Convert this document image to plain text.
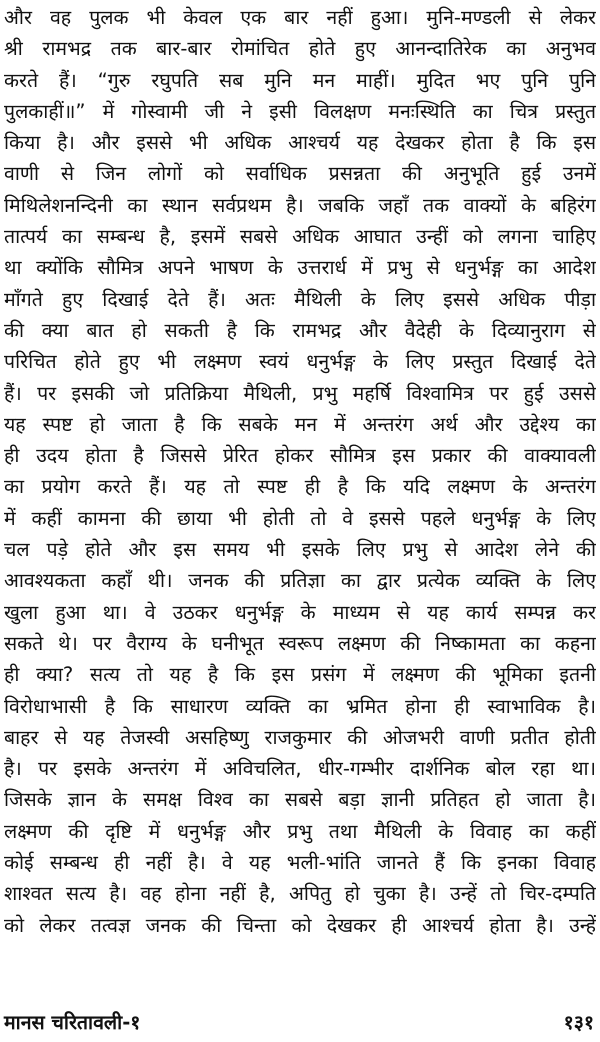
और वह पुलक भी केवल एक बार नहीं हुआ। मुनि-मण्डली से लेकर
श्री रामभद्र तक बार-बार रोमांचित होते हुए आनन्दातिरेक का अनुभव
करते हैं। “गुरु रघुपति सब मुनि मन माहीं। मुदित भए पुनि पुनि
पुलकाहीं॥” में गोस्वामी जी ने इसी विलक्षण मनःस्थिति का चित्र प्रस्तुत
किया है। और इससे भी अधिक आश्चर्य यह देखकर होता है कि इस
वाणी से जिन लोगों को सर्वाधिक प्रसन्नता की अनुभूति हुई उनमें
मिथिलेशनन्दिनी का स्थान सर्वप्रथम है। जबकि जहाँ तक वाक्यों के बहिरंग
तात्पर्य का सम्बन्ध है, इसमें सबसे अधिक आघात उन्हीं को लगना चाहिए
था क्योंकि सौमित्र अपने भाषण के उत्तरार्ध में प्रभु से धनुर्भङ्ग का आदेश
माँगते हुए दिखाई देते हैं। अतः मैथिली के लिए इससे अधिक पीड़ा
की क्या बात हो सकती है कि रामभद्र और वैदेही के दिव्यानुराग से
परिचित होते हुए भी लक्ष्मण स्वयं धनुर्भङ्ग के लिए प्रस्तुत दिखाई देते
हैं। पर इसकी जो प्रतिक्रिया मैथिली, प्रभु महर्षि विश्वामित्र पर हुई उससे
यह स्पष्ट हो जाता है कि सबके मन में अन्तरंग अर्थ और उद्देश्य का
ही उदय होता है जिससे प्रेरित होकर सौमित्र इस प्रकार की वाक्यावली
का प्रयोग करते हैं। यह तो स्पष्ट ही है कि यदि लक्ष्मण के अन्तरंग
में कहीं कामना की छाया भी होती तो वे इससे पहले धनुर्भङ्ग के लिए
चल पड़े होते और इस समय भी इसके लिए प्रभु से आदेश लेने की
आवश्यकता कहाँ थी। जनक की प्रतिज्ञा का द्वार प्रत्येक व्यक्ति के लिए
खुला हुआ था। वे उठकर धनुर्भङ्ग के माध्यम से यह कार्य सम्पन्न कर
सकते थे। पर वैराग्य के घनीभूत स्वरूप लक्ष्मण की निष्कामता का कहना
ही क्या? सत्य तो यह है कि इस प्रसंग में लक्ष्मण की भूमिका इतनी
विरोधाभासी है कि साधारण व्यक्ति का भ्रमित होना ही स्वाभाविक है।
बाहर से यह तेजस्वी असहिष्णु राजकुमार की ओजभरी वाणी प्रतीत होती
है। पर इसके अन्तरंग में अविचलित, धीर-गम्भीर दार्शनिक बोल रहा था।
जिसके ज्ञान के समक्ष विश्व का सबसे बड़ा ज्ञानी प्रतिहत हो जाता है।
लक्ष्मण की दृष्टि में धनुर्भङ्ग और प्रभु तथा मैथिली के विवाह का कहीं
कोई सम्बन्ध ही नहीं है। वे यह भली-भांति जानते हैं कि इनका विवाह
शाश्वत सत्य है। वह होना नहीं है, अपितु हो चुका है। उन्हें तो चिर-दम्पति
को लेकर तत्वज्ञ जनक की चिन्ता को देखकर ही आश्चर्य होता है। उन्हें
मानस चरितावली-१	१३१
